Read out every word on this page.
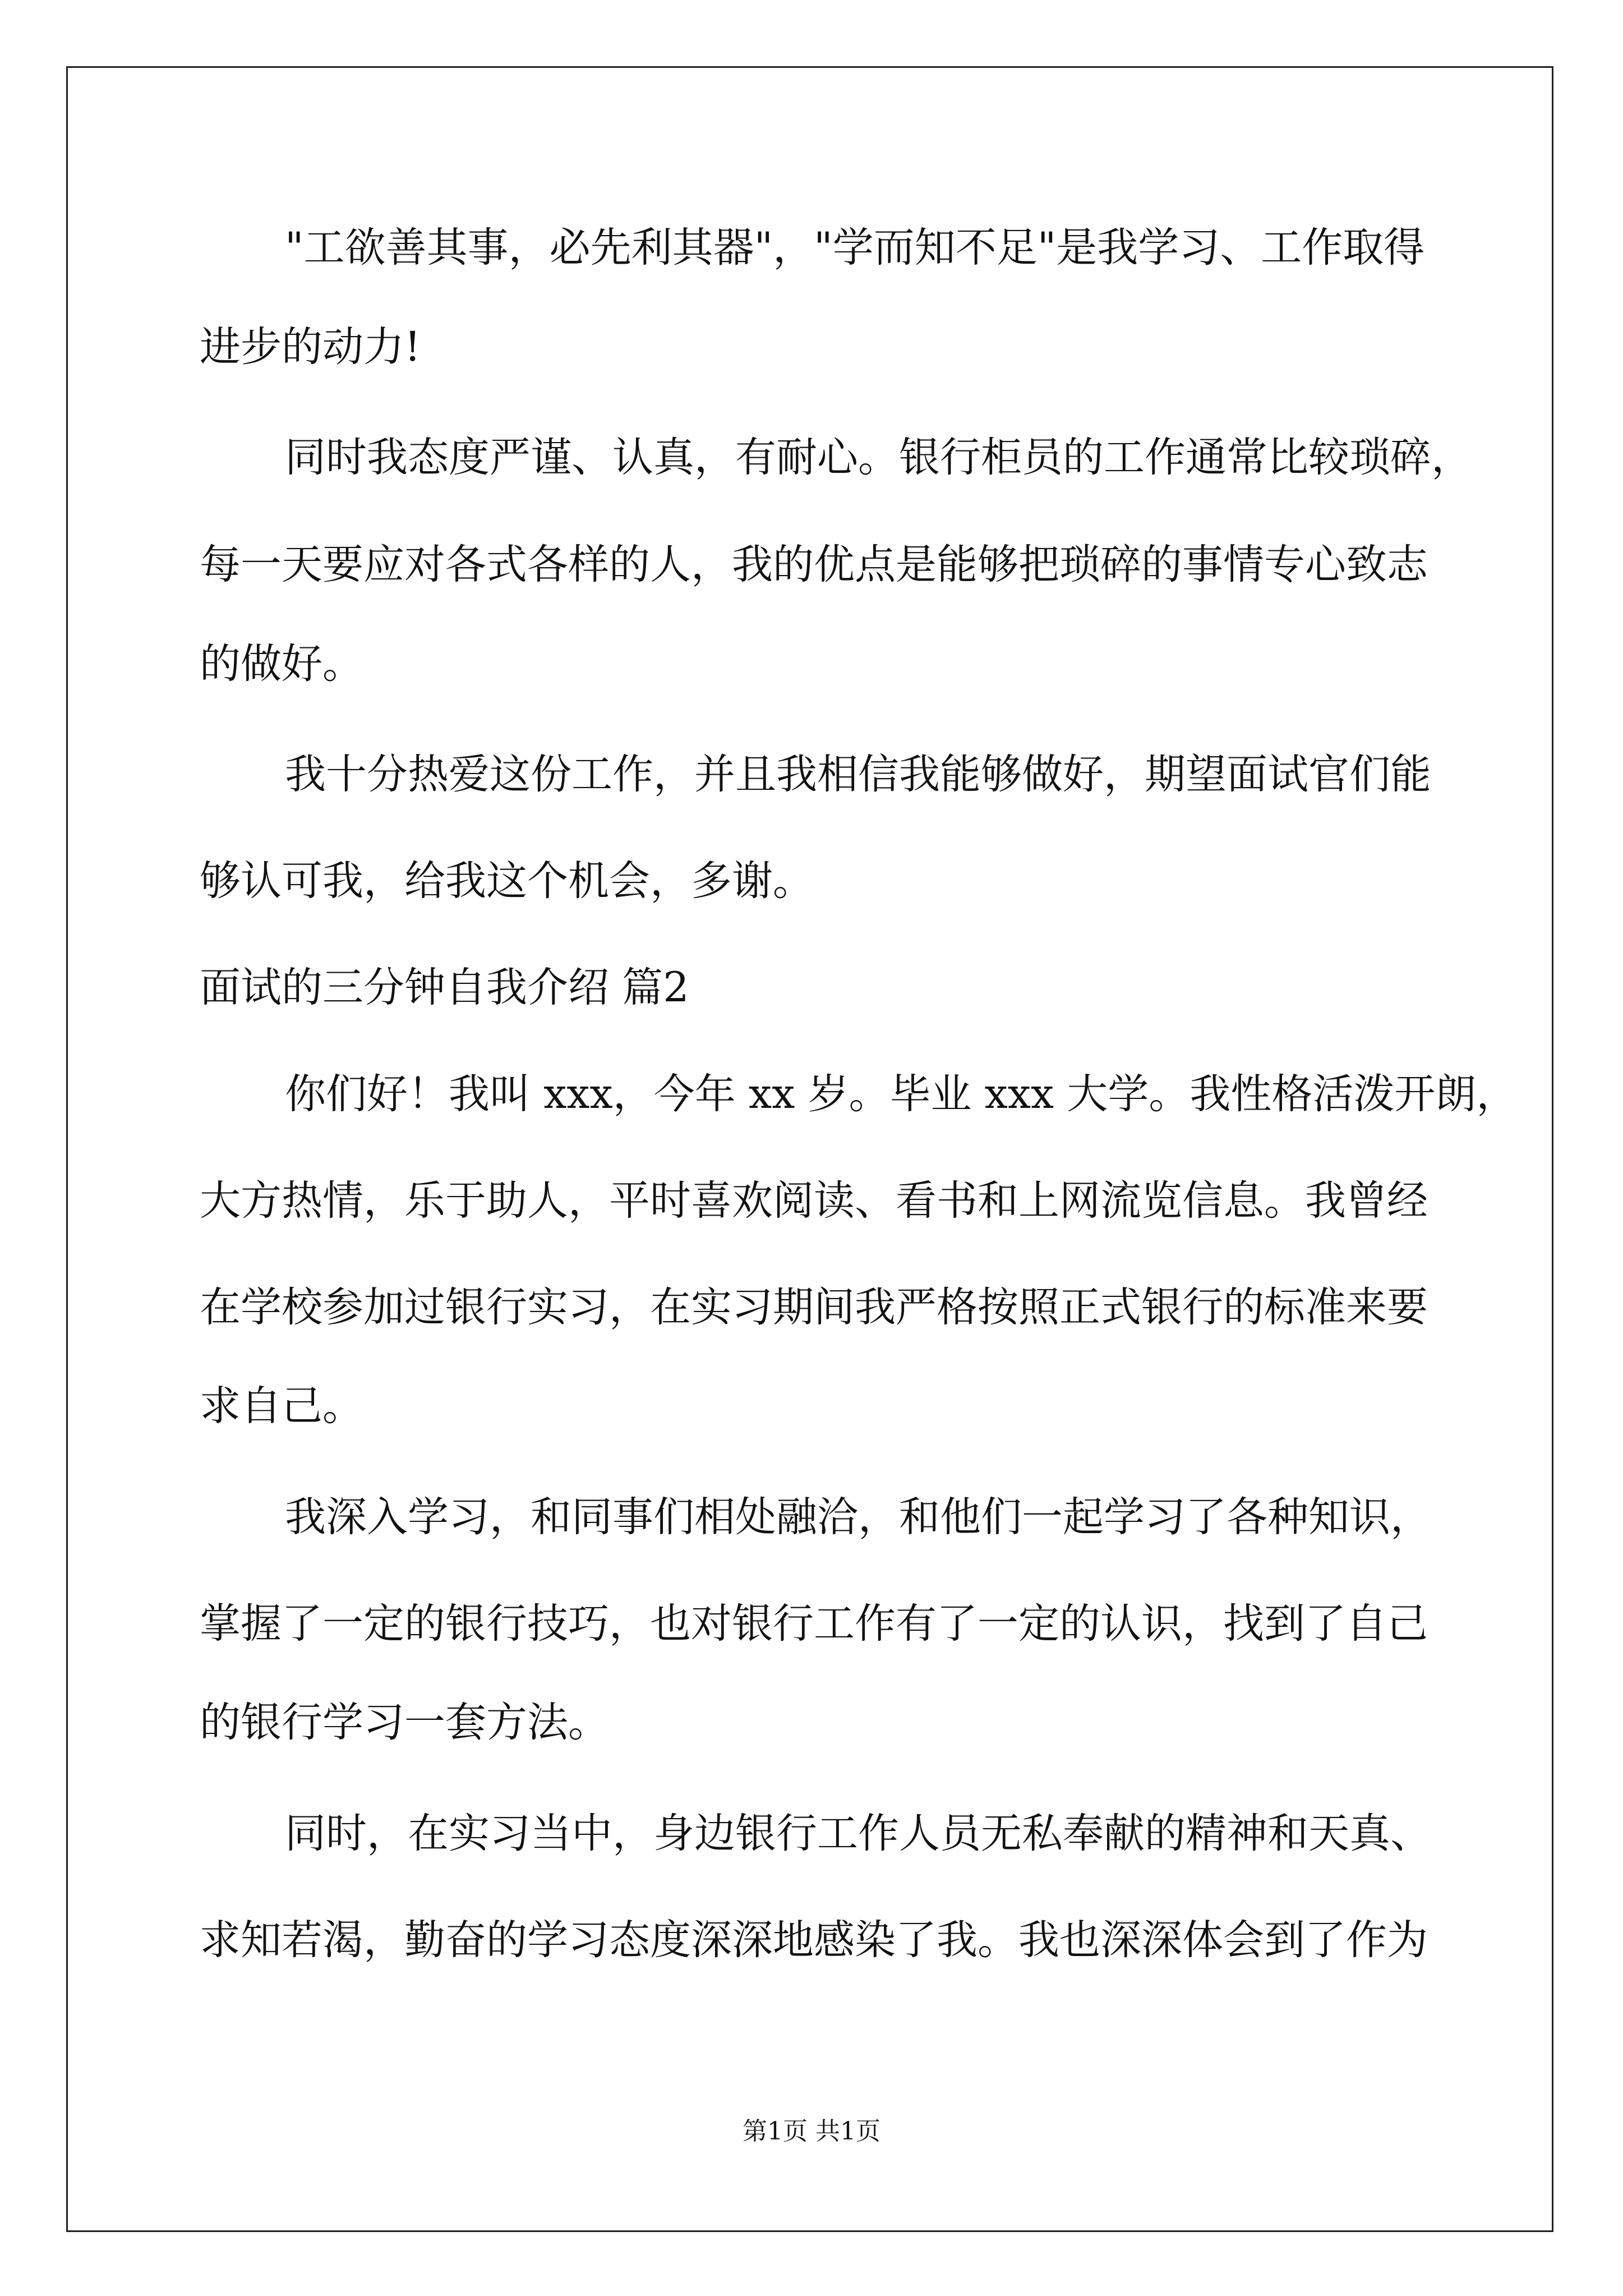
"工欲善其事，必先利其器"，"学而知不足"是我学习、工作取得
进步的动力!
同时我态度严谨、认真，有耐心。银行柜员的工作通常比较琐碎，
每一天要应对各式各样的人，我的优点是能够把琐碎的事情专心致志
的做好。
我十分热爱这份工作，并且我相信我能够做好，期望面试官们能
够认可我，给我这个机会，多谢。
面试的三分钟自我介绍 篇2
你们好！我叫 xxx，今年 xx 岁。毕业 xxx 大学。我性格活泼开朗，
大方热情，乐于助人，平时喜欢阅读、看书和上网流览信息。我曾经
在学校参加过银行实习，在实习期间我严格按照正式银行的标准来要
求自己。
我深入学习，和同事们相处融洽，和他们一起学习了各种知识，
掌握了一定的银行技巧，也对银行工作有了一定的认识，找到了自己
的银行学习一套方法。
同时，在实习当中，身边银行工作人员无私奉献的精神和天真、
求知若渴，勤奋的学习态度深深地感染了我。我也深深体会到了作为
第1页 共1页
